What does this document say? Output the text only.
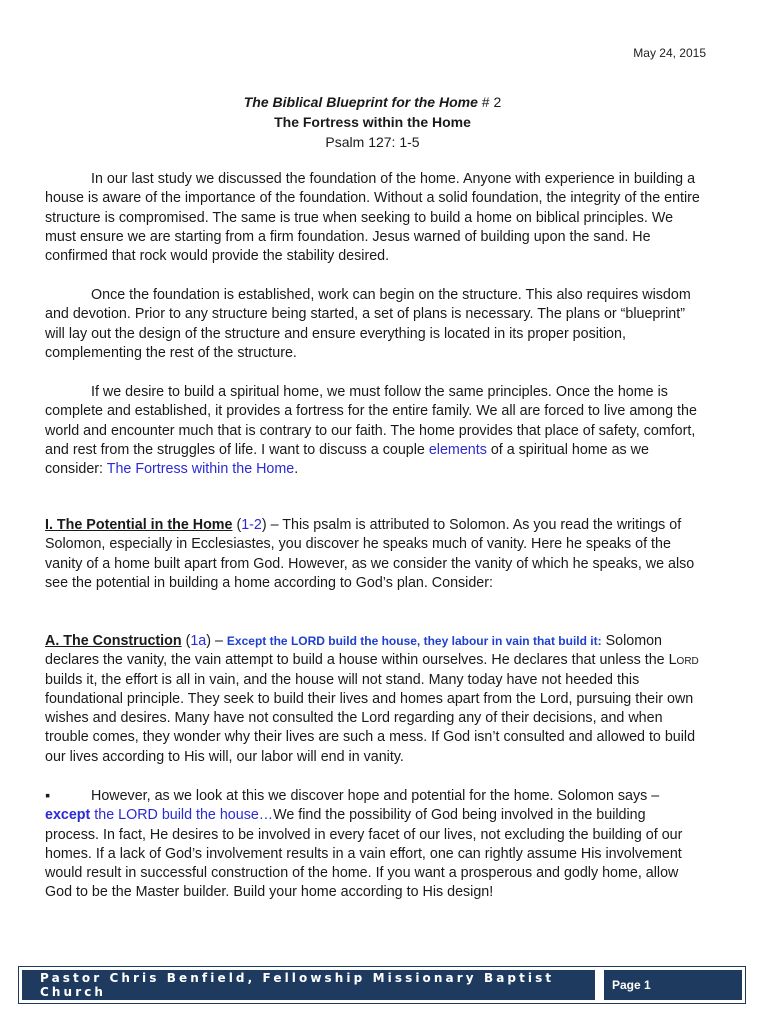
May 24, 2015
The Biblical Blueprint for the Home # 2
The Fortress within the Home
Psalm 127: 1-5

In our last study we discussed the foundation of the home. Anyone with experience in building a house is aware of the importance of the foundation. Without a solid foundation, the integrity of the entire structure is compromised. The same is true when seeking to build a home on biblical principles. We must ensure we are starting from a firm foundation. Jesus warned of building upon the sand. He confirmed that rock would provide the stability desired.

Once the foundation is established, work can begin on the structure. This also requires wisdom and devotion. Prior to any structure being started, a set of plans is necessary. The plans or “blueprint” will lay out the design of the structure and ensure everything is located in its proper position, complementing the rest of the structure.

If we desire to build a spiritual home, we must follow the same principles. Once the home is complete and established, it provides a fortress for the entire family. We all are forced to live among the world and encounter much that is contrary to our faith. The home provides that place of safety, comfort, and rest from the struggles of life. I want to discuss a couple elements of a spiritual home as we consider: The Fortress within the Home.

I. The Potential in the Home (1-2) – This psalm is attributed to Solomon. As you read the writings of Solomon, especially in Ecclesiastes, you discover he speaks much of vanity. Here he speaks of the vanity of a home built apart from God. However, as we consider the vanity of which he speaks, we also see the potential in building a home according to God’s plan. Consider:

A. The Construction (1a) – Except the LORD build the house, they labour in vain that build it: Solomon declares the vanity, the vain attempt to build a house within ourselves. He declares that unless the Lord builds it, the effort is all in vain, and the house will not stand. Many today have not heeded this foundational principle. They seek to build their lives and homes apart from the Lord, pursuing their own wishes and desires. Many have not consulted the Lord regarding any of their decisions, and when trouble comes, they wonder why their lives are such a mess. If God isn’t consulted and allowed to build our lives according to His will, our labor will end in vanity.

▪	However, as we look at this we discover hope and potential for the home. Solomon says – except the LORD build the house…We find the possibility of God being involved in the building process. In fact, He desires to be involved in every facet of our lives, not excluding the building of our homes. If a lack of God’s involvement results in a vain effort, one can rightly assume His involvement would result in successful construction of the home. If you want a prosperous and godly home, allow God to be the Master builder. Build your home according to His design!

Pastor Chris Benfield, Fellowship Missionary Baptist Church	Page
1
